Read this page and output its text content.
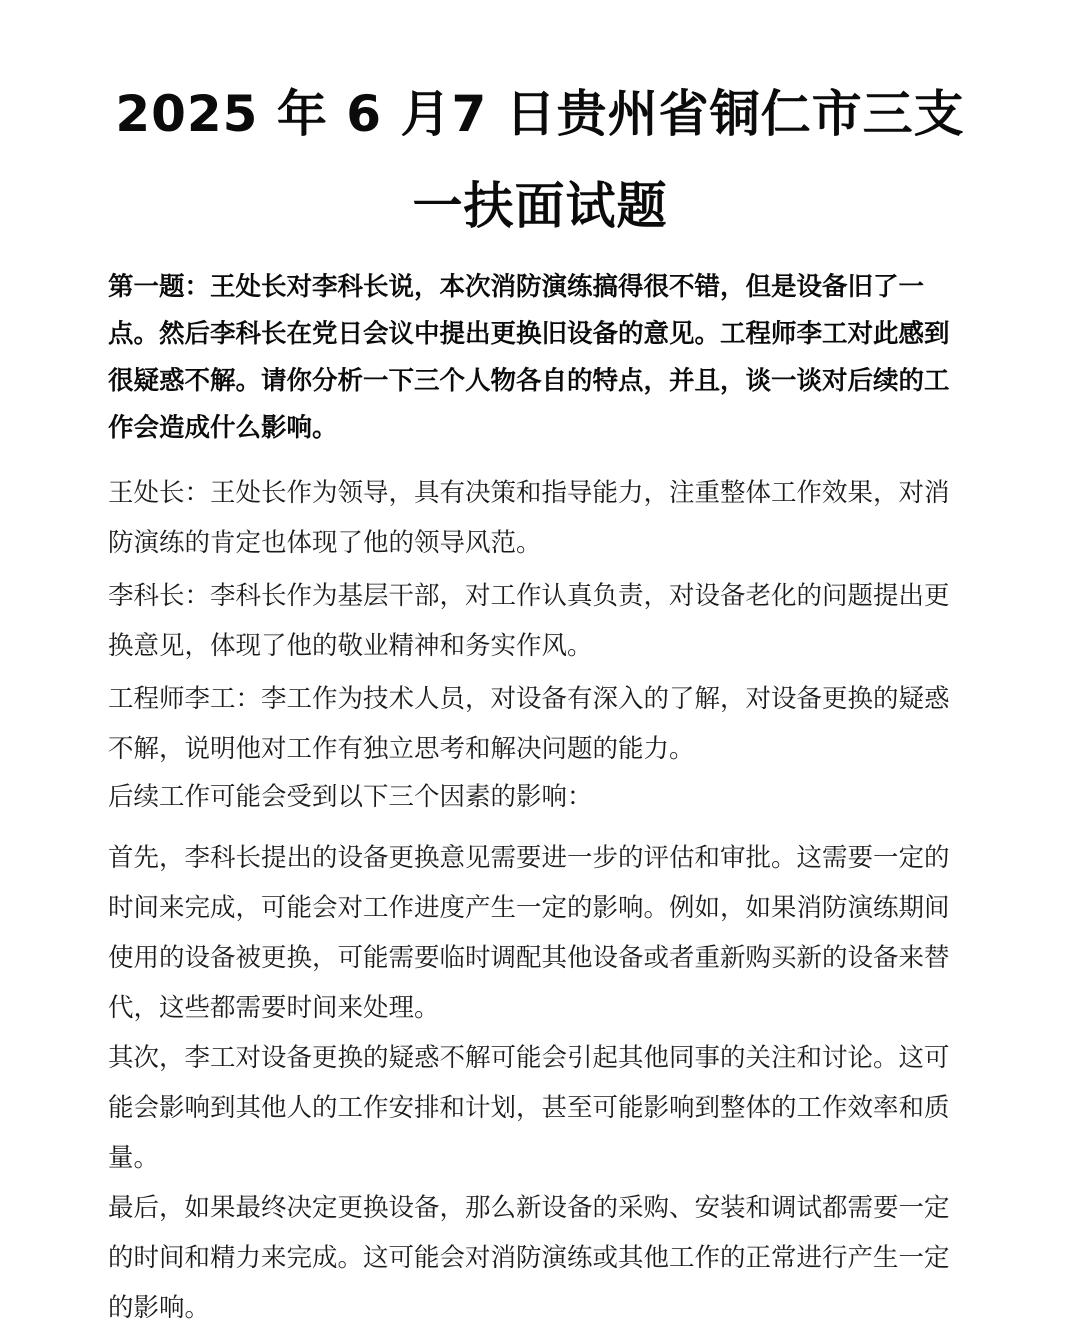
2025 年 6 月7 日贵州省铜仁市三支
一扶面试题

第一题：王处长对李科长说，本次消防演练搞得很不错，但是设备旧了一点。然后李科长在党日会议中提出更换旧设备的意见。工程师李工对此感到很疑惑不解。请你分析一下三个人物各自的特点，并且，谈一谈对后续的工作会造成什么影响。

王处长：王处长作为领导，具有决策和指导能力，注重整体工作效果，对消防演练的肯定也体现了他的领导风范。

李科长：李科长作为基层干部，对工作认真负责，对设备老化的问题提出更换意见，体现了他的敬业精神和务实作风。

工程师李工：李工作为技术人员，对设备有深入的了解，对设备更换的疑惑不解，说明他对工作有独立思考和解决问题的能力。

后续工作可能会受到以下三个因素的影响：

首先，李科长提出的设备更换意见需要进一步的评估和审批。这需要一定的时间来完成，可能会对工作进度产生一定的影响。例如，如果消防演练期间使用的设备被更换，可能需要临时调配其他设备或者重新购买新的设备来替代，这些都需要时间来处理。

其次，李工对设备更换的疑惑不解可能会引起其他同事的关注和讨论。这可能会影响到其他人的工作安排和计划，甚至可能影响到整体的工作效率和质量。

最后，如果最终决定更换设备，那么新设备的采购、安装和调试都需要一定的时间和精力来完成。这可能会对消防演练或其他工作的正常进行产生一定的影响。
